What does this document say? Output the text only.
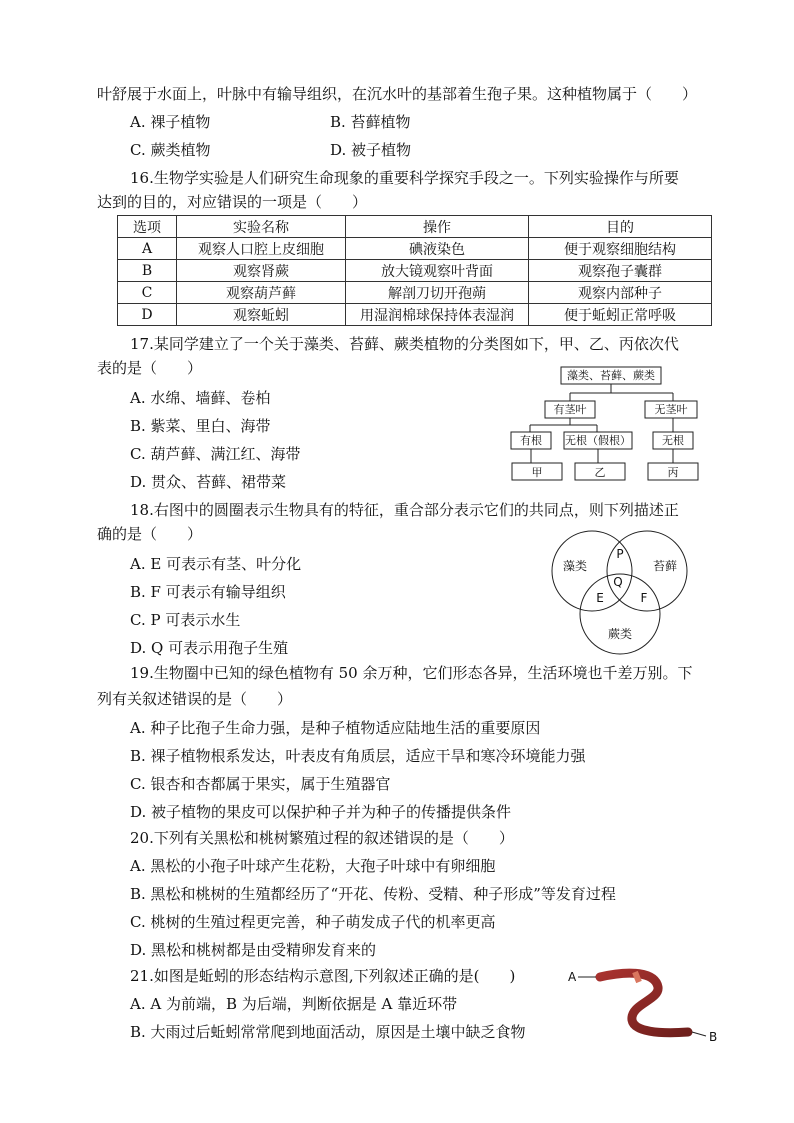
叶舒展于水面上，叶脉中有输导组织，在沉水叶的基部着生孢子果。这种植物属于（　　）
A. 裸子植物	B. 苔藓植物
C. 蕨类植物	D. 被子植物
16.生物学实验是人们研究生命现象的重要科学探究手段之一。下列实验操作与所要
达到的目的，对应错误的一项是（　　）
选项	实验名称	操作	目的
A	观察人口腔上皮细胞	碘液染色	便于观察细胞结构
B	观察肾蕨	放大镜观察叶背面	观察孢子囊群
C	观察葫芦藓	解剖刀切开孢蒴	观察内部种子
D	观察蚯蚓	用湿润棉球保持体表湿润	便于蚯蚓正常呼吸
17.某同学建立了一个关于藻类、苔藓、蕨类植物的分类图如下，甲、乙、丙依次代
表的是（　　）
A. 水绵、墙藓、卷柏
B. 紫菜、里白、海带
C. 葫芦藓、满江红、海带
D. 贯众、苔藓、裙带菜
藻类、苔藓、蕨类
有茎叶	无茎叶
有根 无根（假根）	无根
甲	乙	丙
18.右图中的圆圈表示生物具有的特征，重合部分表示它们的共同点，则下列描述正
确的是（　　）
A. E 可表示有茎、叶分化
B. F 可表示有输导组织
C. P 可表示水生
D. Q 可表示用孢子生殖
藻类	苔藓
蕨类
P
Q
E	F
19.生物圈中已知的绿色植物有 50 余万种，它们形态各异，生活环境也千差万别。下
列有关叙述错误的是（　　）
A. 种子比孢子生命力强，是种子植物适应陆地生活的重要原因
B. 裸子植物根系发达，叶表皮有角质层，适应干旱和寒冷环境能力强
C. 银杏和杏都属于果实，属于生殖器官
D. 被子植物的果皮可以保护种子并为种子的传播提供条件
20.下列有关黑松和桃树繁殖过程的叙述错误的是（　　）
A. 黑松的小孢子叶球产生花粉，大孢子叶球中有卵细胞
B. 黑松和桃树的生殖都经历了“开花、传粉、受精、种子形成”等发育过程
C. 桃树的生殖过程更完善，种子萌发成子代的机率更高
D. 黑松和桃树都是由受精卵发育来的
21.如图是蚯蚓的形态结构示意图,下列叙述正确的是(　　)
A. A 为前端，B 为后端，判断依据是 A 靠近环带
B. 大雨过后蚯蚓常常爬到地面活动，原因是土壤中缺乏食物
A
B
